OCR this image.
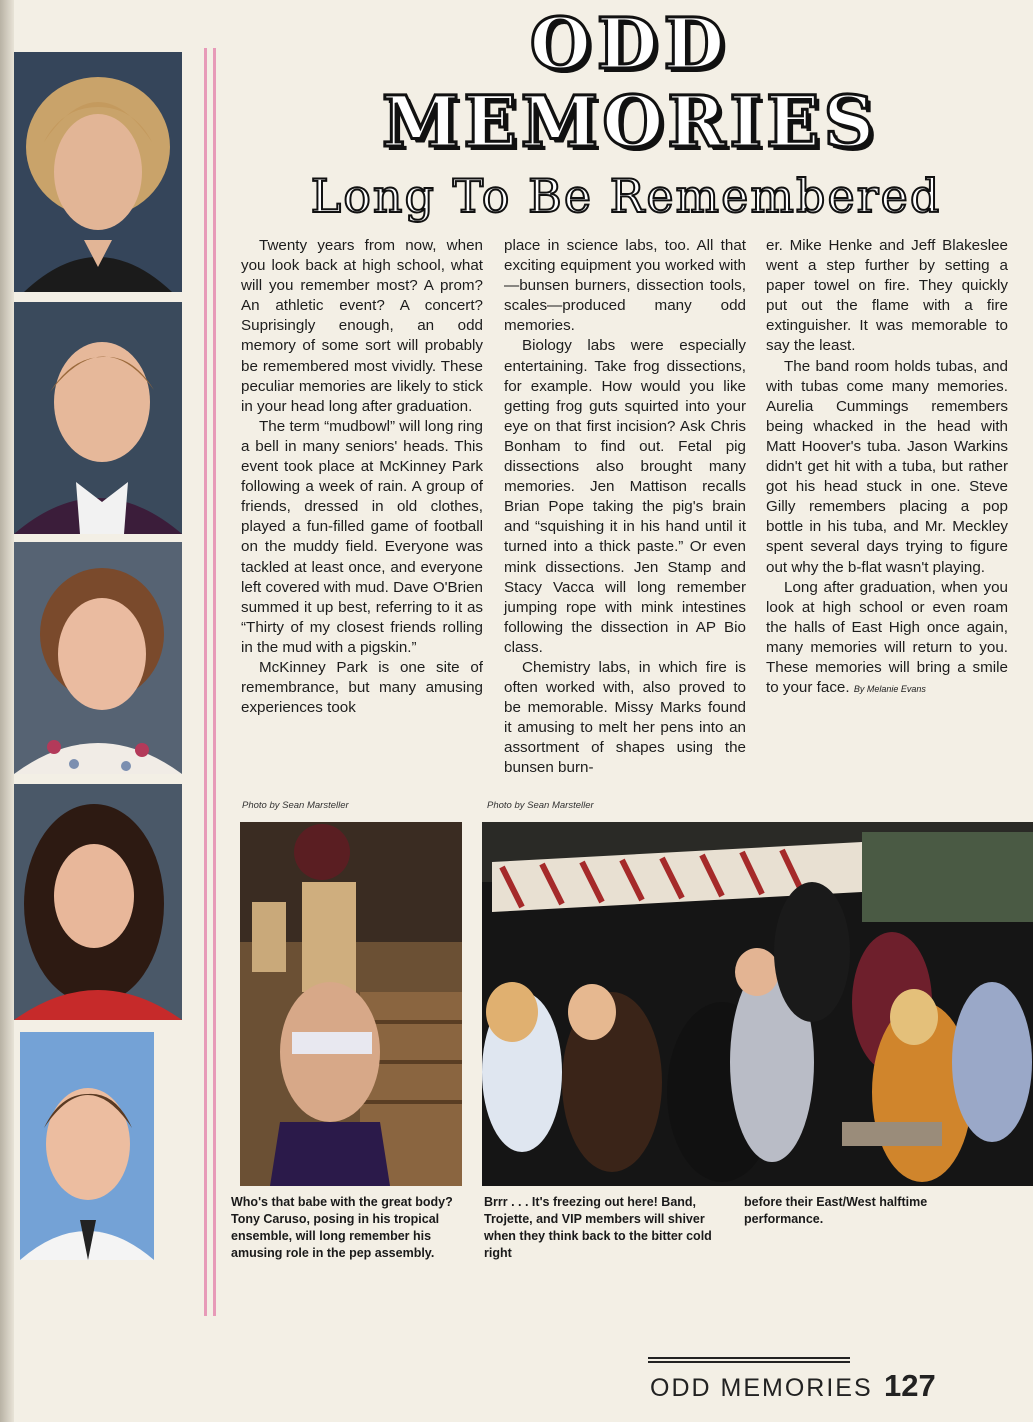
ODD
MEMORIES
Long To Be Remembered

Twenty years from now, when you look back at high school, what will you remember most? A prom? An athletic event? A concert? Suprisingly enough, an odd memory of some sort will probably be remembered most vividly. These peculiar memories are likely to stick in your head long after graduation.

The term “mudbowl” will long ring a bell in many seniors' heads. This event took place at McKinney Park following a week of rain. A group of friends, dressed in old clothes, played a fun-filled game of football on the muddy field. Everyone was tackled at least once, and everyone left covered with mud. Dave O'Brien summed it up best, referring to it as “Thirty of my closest friends rolling in the mud with a pigskin.”

McKinney Park is one site of remembrance, but many amusing experiences took

place in science labs, too. All that exciting equipment you worked with—bunsen burners, dissection tools, scales—produced many odd memories.

Biology labs were especially entertaining. Take frog dissections, for example. How would you like getting frog guts squirted into your eye on that first incision? Ask Chris Bonham to find out. Fetal pig dissections also brought many memories. Jen Mattison recalls Brian Pope taking the pig's brain and “squishing it in his hand until it turned into a thick paste.” Or even mink dissections. Jen Stamp and Stacy Vacca will long remember jumping rope with mink intestines following the dissection in AP Bio class.

Chemistry labs, in which fire is often worked with, also proved to be memorable. Missy Marks found it amusing to melt her pens into an assortment of shapes using the bunsen burn-

er. Mike Henke and Jeff Blakeslee went a step further by setting a paper towel on fire. They quickly put out the flame with a fire extinguisher. It was memorable to say the least.

The band room holds tubas, and with tubas come many memories. Aurelia Cummings remembers being whacked in the head with Matt Hoover's tuba. Jason Warkins didn't get hit with a tuba, but rather got his head stuck in one. Steve Gilly remembers placing a pop bottle in his tuba, and Mr. Meckley spent several days trying to figure out why the b-flat wasn't playing.

Long after graduation, when you look at high school or even roam the halls of East High once again, many memories will return to you. These memories will bring a smile to your face. By Melanie Evans

Photo by Sean Marsteller	Photo by Sean Marsteller
Who's that babe with the great body? Tony Caruso, posing in his tropical ensemble, will long remember his amusing role in the pep assembly.
Brrr . . . It's freezing out here! Band, Trojette, and VIP members will shiver when they think back to the bitter cold right
before their East/West halftime performance.
ODD MEMORIES 127
